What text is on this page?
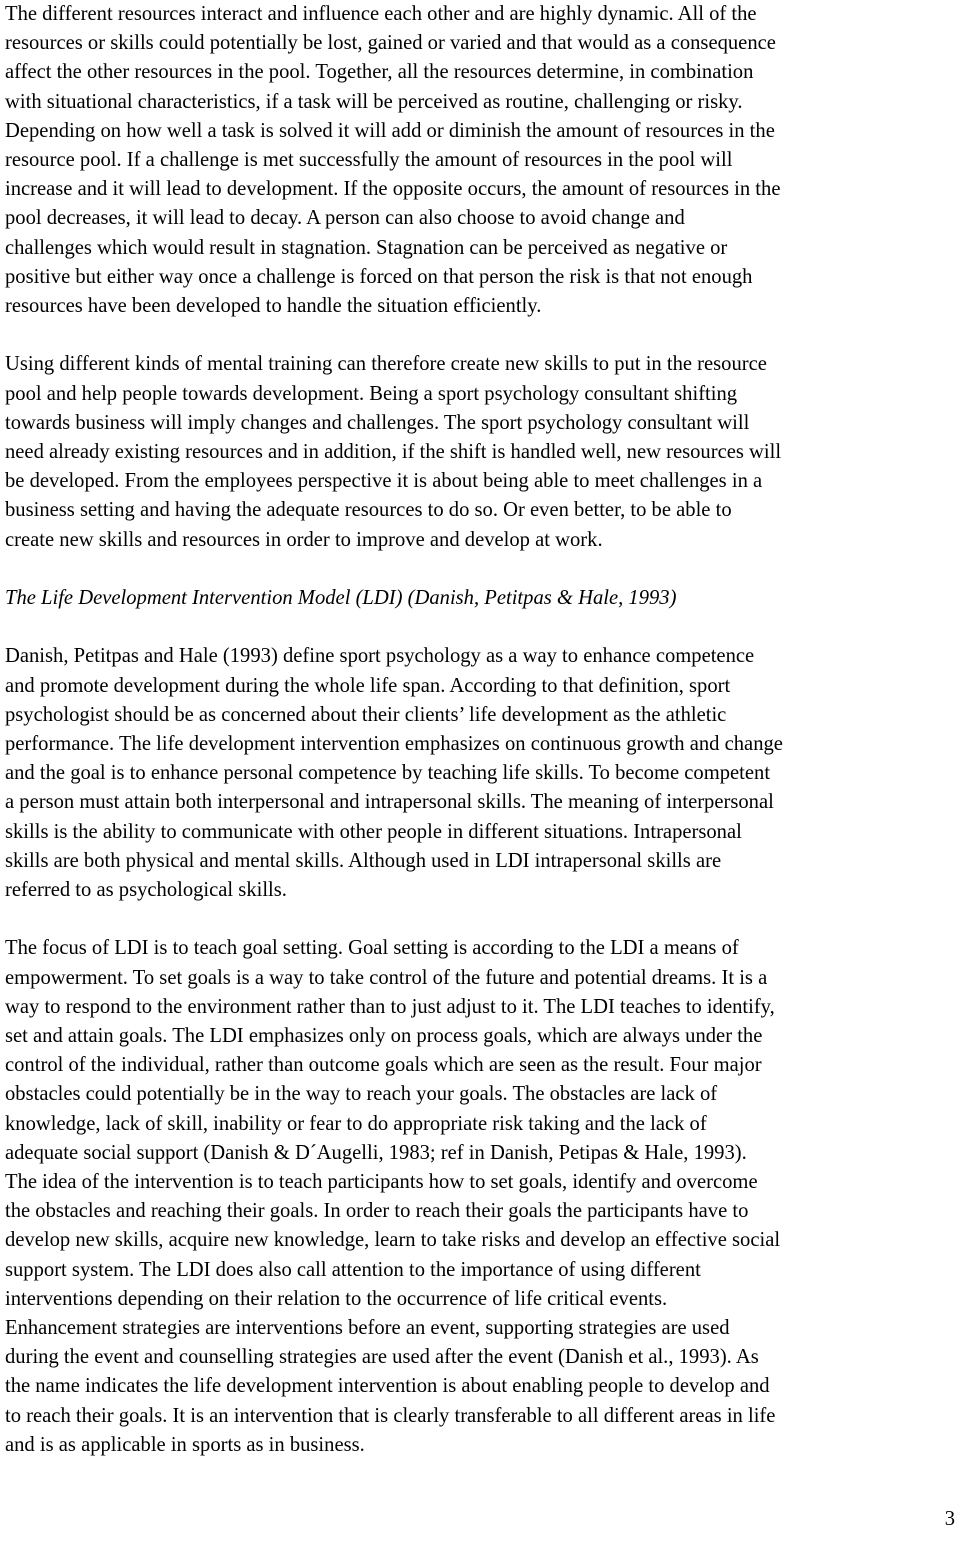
The different resources interact and influence each other and are highly dynamic. All of the
resources or skills could potentially be lost, gained or varied and that would as a consequence
affect the other resources in the pool. Together, all the resources determine, in combination
with situational characteristics, if a task will be perceived as routine, challenging or risky.
Depending on how well a task is solved it will add or diminish the amount of resources in the
resource pool. If a challenge is met successfully the amount of resources in the pool will
increase and it will lead to development. If the opposite occurs, the amount of resources in the
pool decreases, it will lead to decay. A person can also choose to avoid change and
challenges which would result in stagnation. Stagnation can be perceived as negative or
positive but either way once a challenge is forced on that person the risk is that not enough
resources have been developed to handle the situation efficiently.

Using different kinds of mental training can therefore create new skills to put in the resource
pool and help people towards development. Being a sport psychology consultant shifting
towards business will imply changes and challenges. The sport psychology consultant will
need already existing resources and in addition, if the shift is handled well, new resources will
be developed. From the employees perspective it is about being able to meet challenges in a
business setting and having the adequate resources to do so. Or even better, to be able to
create new skills and resources in order to improve and develop at work.

The Life Development Intervention Model (LDI) (Danish, Petitpas & Hale, 1993)

Danish, Petitpas and Hale (1993) define sport psychology as a way to enhance competence
and promote development during the whole life span. According to that definition, sport
psychologist should be as concerned about their clients’ life development as the athletic
performance. The life development intervention emphasizes on continuous growth and change
and the goal is to enhance personal competence by teaching life skills. To become competent
a person must attain both interpersonal and intrapersonal skills. The meaning of interpersonal
skills is the ability to communicate with other people in different situations. Intrapersonal
skills are both physical and mental skills. Although used in LDI intrapersonal skills are
referred to as psychological skills.

The focus of LDI is to teach goal setting. Goal setting is according to the LDI a means of
empowerment. To set goals is a way to take control of the future and potential dreams. It is a
way to respond to the environment rather than to just adjust to it. The LDI teaches to identify,
set and attain goals. The LDI emphasizes only on process goals, which are always under the
control of the individual, rather than outcome goals which are seen as the result. Four major
obstacles could potentially be in the way to reach your goals. The obstacles are lack of
knowledge, lack of skill, inability or fear to do appropriate risk taking and the lack of
adequate social support (Danish & D´Augelli, 1983; ref in Danish, Petipas & Hale, 1993).
The idea of the intervention is to teach participants how to set goals, identify and overcome
the obstacles and reaching their goals. In order to reach their goals the participants have to
develop new skills, acquire new knowledge, learn to take risks and develop an effective social
support system. The LDI does also call attention to the importance of using different
interventions depending on their relation to the occurrence of life critical events.
Enhancement strategies are interventions before an event, supporting strategies are used
during the event and counselling strategies are used after the event (Danish et al., 1993). As
the name indicates the life development intervention is about enabling people to develop and
to reach their goals. It is an intervention that is clearly transferable to all different areas in life
and is as applicable in sports as in business.

3
